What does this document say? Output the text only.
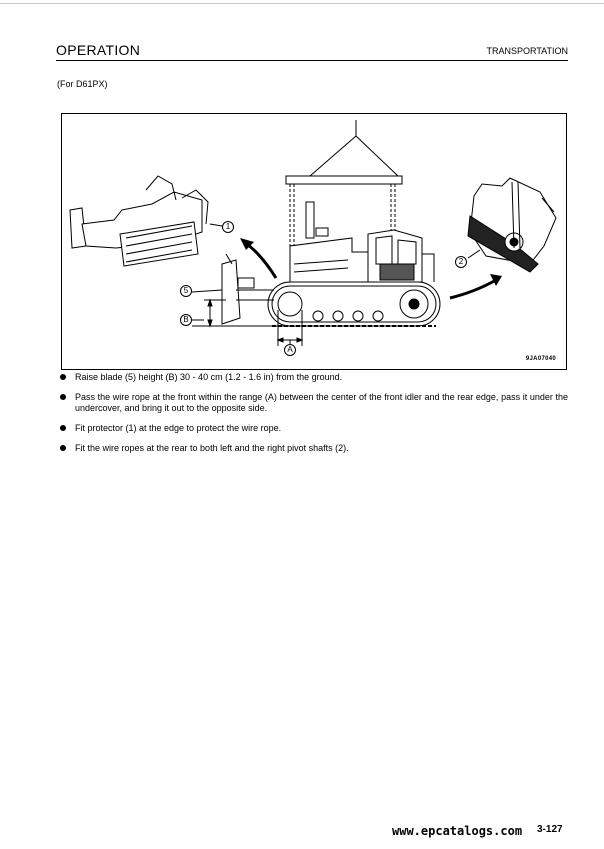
OPERATION	TRANSPORTATION
(For D61PX)
1
2
5
B
A
9JA07040
Raise blade (5) height (B) 30 - 40 cm (1.2 - 1.6 in) from the ground.
Pass the wire rope at the front within the range (A) between the center of the front idler and the rear edge, pass it under the undercover, and bring it out to the opposite side.
Fit protector (1) at the edge to protect the wire rope.
Fit the wire ropes at the rear to both left and the right pivot shafts (2).
www.epcatalogs.com 3-127
